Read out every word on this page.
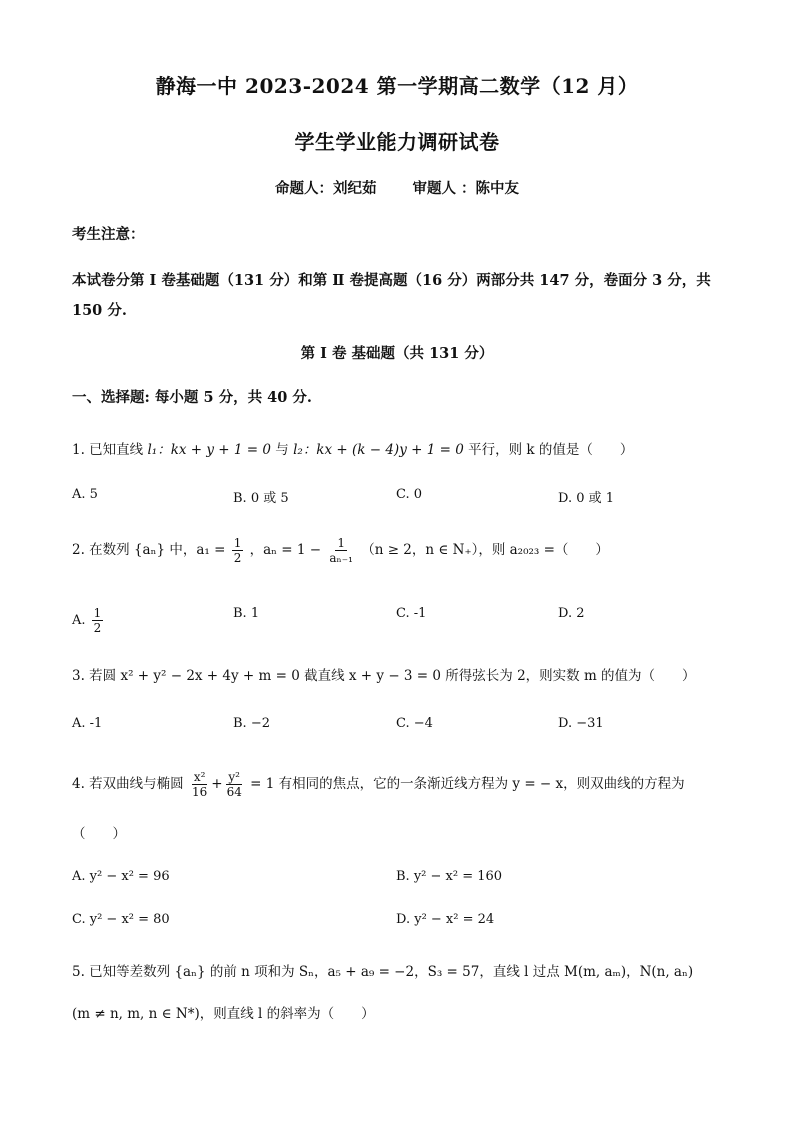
静海一中 2023-2024 第一学期高二数学（12 月）
学生学业能力调研试卷
命题人：刘纪茹 审题人 ：陈中友
考生注意：
本试卷分第 Ⅰ 卷基础题（131 分）和第 Ⅱ 卷提高题（16 分）两部分共 147 分，卷面分 3 分，共 150 分.
第 Ⅰ 卷 基础题（共 131 分）
一、选择题: 每小题 5 分，共 40 分.
1. 已知直线 l₁：kx + y + 1 = 0 与 l₂：kx + (k − 4)y + 1 = 0 平行，则 k 的值是（　　）
A. 5	B. 0 或 5	C. 0	D. 0 或 1
2. 在数列 {aₙ} 中，$a_1 = \frac{1}{2}$ ，$a_n = 1 - \frac{1}{\text{aₙ₋₁}} (n \ge 2$，n ∈ N₊），则 a₂₀₂₃ =（　　）
A. $\frac{1}{2}$	B. 1	C. -1	D. 2
3. 若圆 x² + y² − 2x + 4y + m = 0 截直线 x + y − 3 = 0 所得弦长为 2，则实数 m 的值为（　　）
A. -1	B. −2	C. −4	D. −31
4. 若双曲线与椭圆 $\frac{\text{x²}}{16} + \frac{\text{y²}}{64} = 1$ 有相同的焦点，它的一条渐近线方程为 y = − x，则双曲线的方程为
（　　）
A. y² − x² = 96	B. y² − x² = 160
C. y² − x² = 80	D. y² − x² = 24
5. 已知等差数列 {aₙ} 的前 n 项和为 Sₙ，a₅ + a₉ = −2，S₃ = 57，直线 l 过点 M(m, aₘ)，N(n, aₙ)
(m ≠ n, m, n ∈ N*)，则直线 l 的斜率为（　　）
